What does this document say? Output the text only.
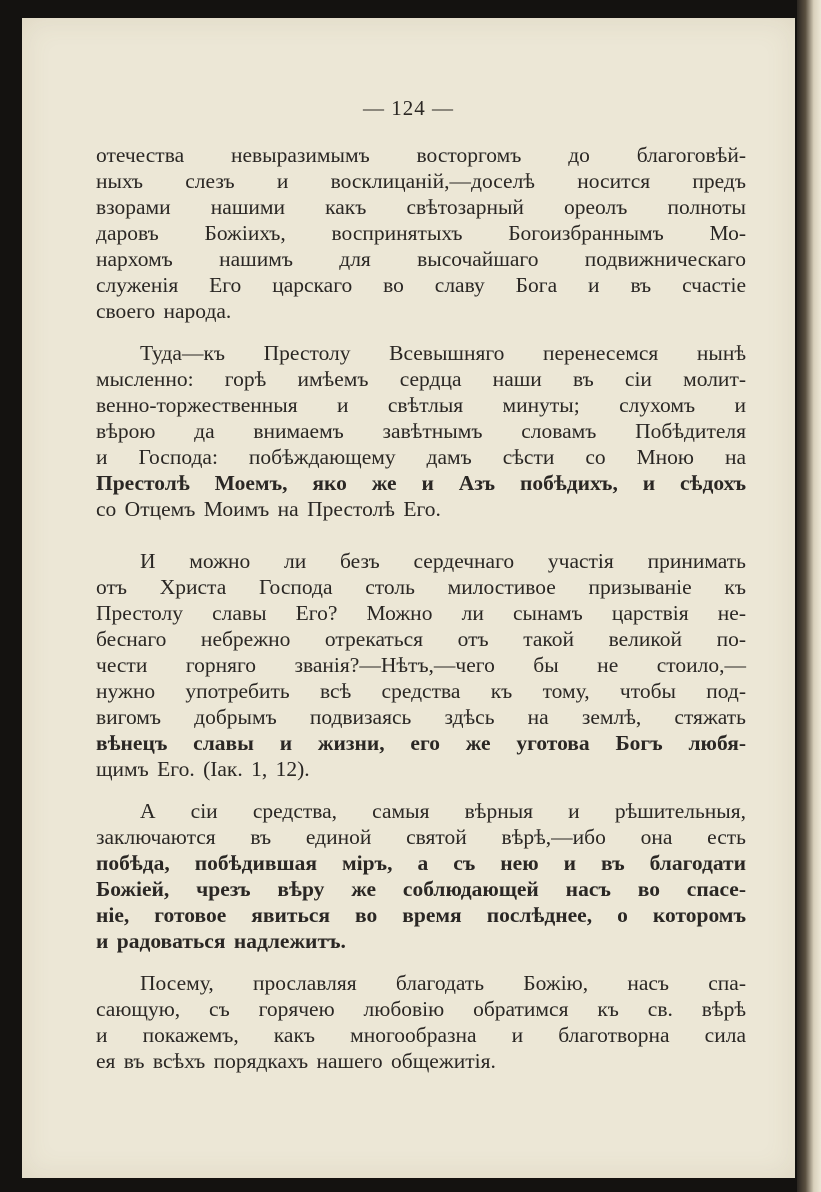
— 124 —
отечества невыразимымъ восторгомъ до благоговѣй-
ныхъ слезъ и восклицаній,—доселѣ носится предъ
взорами нашими какъ свѣтозарный ореолъ полноты
даровъ Божіихъ, воспринятыхъ Богоизбраннымъ Мо-
нархомъ нашимъ для высочайшаго подвижническаго
служенія Его царскаго во славу Бога и въ счастіе
своего народа.
Туда—къ Престолу Всевышняго перенесемся нынѣ
мысленно: горѣ имѣемъ сердца наши въ сіи молит-
венно-торжественныя и свѣтлыя минуты; слухомъ и
вѣрою да внимаемъ завѣтнымъ словамъ Побѣдителя
и Господа: побѣждающему дамъ сѣсти со Мною на
Престолѣ Моемъ, яко же и Азъ побѣдихъ, и сѣдохъ
со Отцемъ Моимъ на Престолѣ Его.
И можно ли безъ сердечнаго участія принимать
отъ Христа Господа столь милостивое призываніе къ
Престолу славы Его? Можно ли сынамъ царствія не-
беснаго небрежно отрекаться отъ такой великой по-
чести горняго званія?—Нѣтъ,—чего бы не стоило,—
нужно употребить всѣ средства къ тому, чтобы под-
вигомъ добрымъ подвизаясь здѣсь на землѣ, стяжать
вѣнецъ славы и жизни, его же уготова Богъ любя-
щимъ Его. (Іак. 1, 12).
А сіи средства, самыя вѣрныя и рѣшительныя,
заключаются въ единой святой вѣрѣ,—ибо она есть
побѣда, побѣдившая міръ, а съ нею и въ благодати
Божіей, чрезъ вѣру же соблюдающей насъ во спасе-
ніе, готовое явиться во время послѣднее, о которомъ
и радоваться надлежитъ.
Посему, прославляя благодать Божію, насъ спа-
сающую, съ горячею любовію обратимся къ св. вѣрѣ
и покажемъ, какъ многообразна и благотворна сила
ея въ всѣхъ порядкахъ нашего общежитія.
